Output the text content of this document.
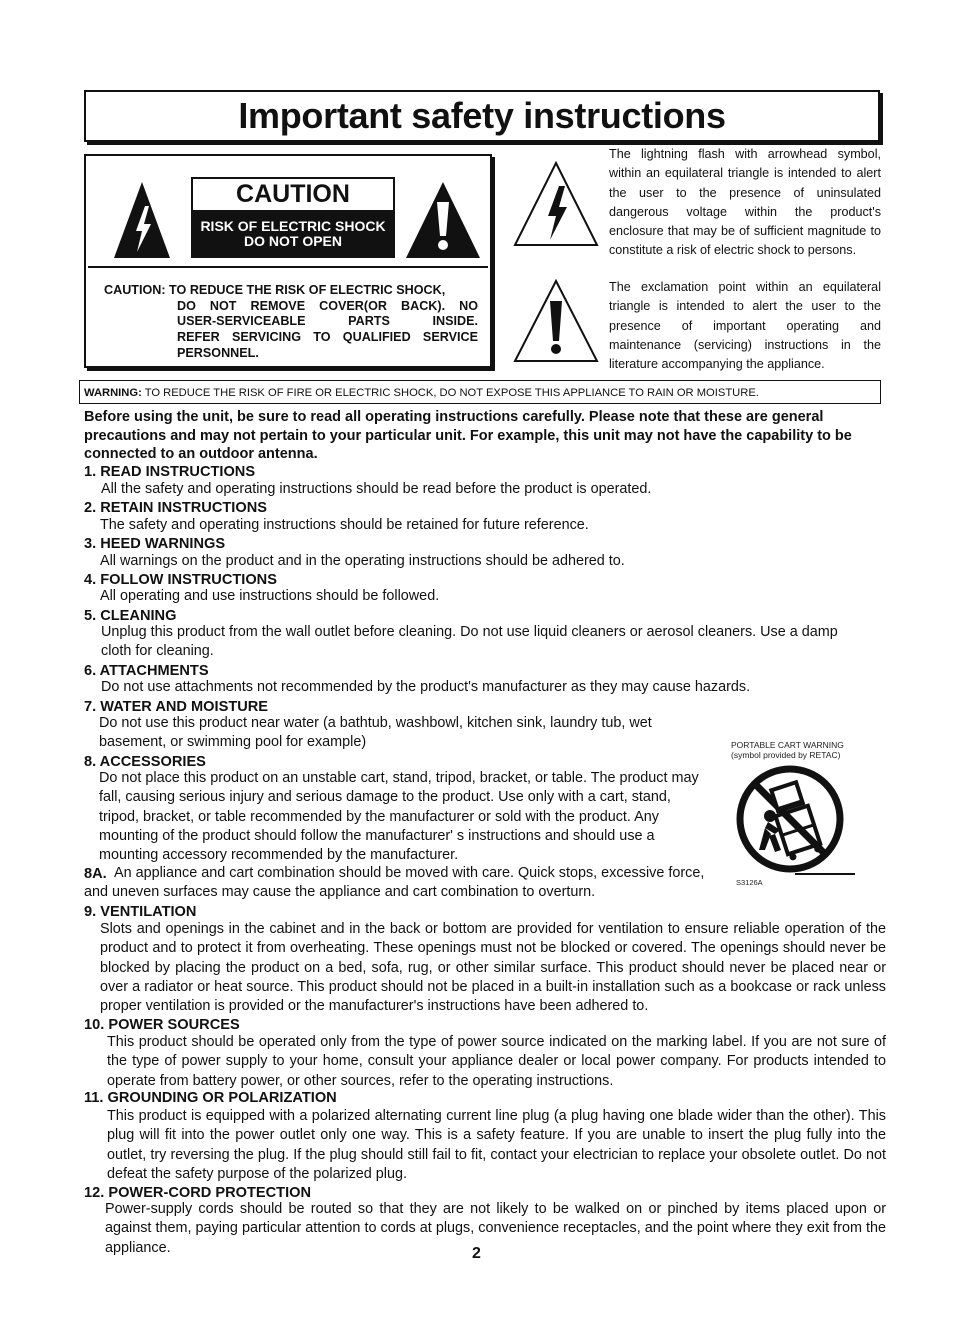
Important safety instructions
CAUTION
RISK OF ELECTRIC SHOCK
DO NOT OPEN
CAUTION: TO REDUCE THE RISK OF ELECTRIC SHOCK,
DO NOT REMOVE COVER(OR BACK). NO
USER-SERVICEABLE PARTS INSIDE.
REFER SERVICING TO QUALIFIED SERVICE
PERSONNEL.
The lightning flash with arrowhead symbol, within an equilateral triangle is intended to alert the user to the presence of uninsulated dangerous voltage within the product's enclosure that may be of sufficient magnitude to constitute a risk of electric shock to persons.
The exclamation point within an equilateral triangle is intended to alert the user to the presence of important operating and maintenance (servicing) instructions in the literature accompanying the appliance.
WARNING: TO REDUCE THE RISK OF FIRE OR ELECTRIC SHOCK, DO NOT EXPOSE THIS APPLIANCE TO RAIN OR MOISTURE.
Before using the unit, be sure to read all operating instructions carefully. Please note that these are general precautions and may not pertain to your particular unit. For example, this unit may not have the capability to be connected to an outdoor antenna.
1. READ INSTRUCTIONS
All the safety and operating instructions should be read before the product is operated.
2. RETAIN INSTRUCTIONS
The safety and operating instructions should be retained for future reference.
3. HEED WARNINGS
All warnings on the product and in the operating instructions should be adhered to.
4. FOLLOW INSTRUCTIONS
All operating and use instructions should be followed.
5. CLEANING
Unplug this product from the wall outlet before cleaning. Do not use liquid cleaners or aerosol cleaners. Use a damp cloth for cleaning.
6. ATTACHMENTS
Do not use attachments not recommended by the product's manufacturer as they may cause hazards.
7. WATER AND MOISTURE
Do not use this product near water (a bathtub, washbowl, kitchen sink, laundry tub, wet basement, or swimming pool for example)
8. ACCESSORIES
Do not place this product on an unstable cart, stand, tripod, bracket, or table. The product may fall, causing serious injury and serious damage to the product. Use only with a cart, stand, tripod, bracket, or table recommended by the manufacturer or sold with the product. Any mounting of the product should follow the manufacturer' s instructions and should use a mounting accessory recommended by the manufacturer.
8A. An appliance and cart combination should be moved with care. Quick stops, excessive force, and uneven surfaces may cause the appliance and cart combination to overturn.
9. VENTILATION
Slots and openings in the cabinet and in the back or bottom are provided for ventilation to ensure reliable operation of the product and to protect it from overheating. These openings must not be blocked or covered. The openings should never be blocked by placing the product on a bed, sofa, rug, or other similar surface. This product should never be placed near or over a radiator or heat source. This product should not be placed in a built-in installation such as a bookcase or rack unless proper ventilation is provided or the manufacturer's instructions have been adhered to.
10. POWER SOURCES
This product should be operated only from the type of power source indicated on the marking label. If you are not sure of the type of power supply to your home, consult your appliance dealer or local power company. For products intended to operate from battery power, or other sources, refer to the operating instructions.
11. GROUNDING OR POLARIZATION
This product is equipped with a polarized alternating current line plug (a plug having one blade wider than the other). This plug will fit into the power outlet only one way. This is a safety feature. If you are unable to insert the plug fully into the outlet, try reversing the plug. If the plug should still fail to fit, contact your electrician to replace your obsolete outlet. Do not defeat the safety purpose of the polarized plug.
12. POWER-CORD PROTECTION
Power-supply cords should be routed so that they are not likely to be walked on or pinched by items placed upon or against them, paying particular attention to cords at plugs, convenience receptacles, and the point where they exit from the appliance.
PORTABLE CART WARNING
(symbol provided by RETAC)
S3126A
2
